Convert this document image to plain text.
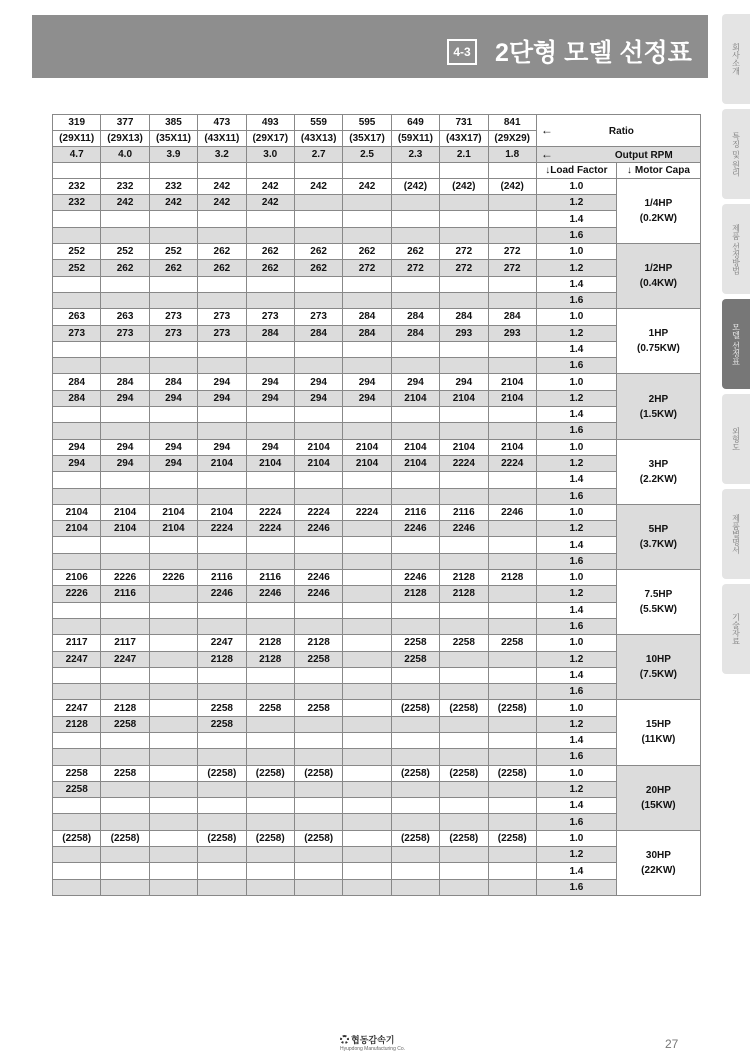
4-3 2단형 모델 선정표	회사소개
특징 및 원리
제품 선정방법
모델 선정표
외형도
제품별명서
기술자료
319	377	385	473	493	559	595	649	731	841	← Ratio	
(29X11)	(29X13)	(35X11)	(43X11)	(29X17)	(43X13)	(35X17)	(59X11)	(43X17)	(29X29)		
4.7	4.0	3.9	3.2	3.0	2.7	2.5	2.3	2.1	1.8	← Output RPM	
										↓Load Factor	↓ Motor Capa
232	232	232	242	242	242	242	(242)	(242)	(242)	1.0	1/4HP
(0.2KW)

232	242	242	242	242						1.2	
										1.4	
										1.6	
252	252	252	262	262	262	262	262	272	272	1.0	1/2HP
(0.4KW)

252	262	262	262	262	262	272	272	272	272	1.2	
										1.4	
										1.6	
263	263	273	273	273	273	284	284	284	284	1.0	1HP
(0.75KW)

273	273	273	273	284	284	284	284	293	293	1.2	
										1.4	
										1.6	
284	284	284	294	294	294	294	294	294	2104	1.0	2HP
(1.5KW)

284	294	294	294	294	294	294	2104	2104	2104	1.2	
										1.4	
										1.6	
294	294	294	294	294	2104	2104	2104	2104	2104	1.0	3HP
(2.2KW)

294	294	294	2104	2104	2104	2104	2104	2224	2224	1.2	
										1.4	
										1.6	
2104	2104	2104	2104	2224	2224	2224	2116	2116	2246	1.0	5HP
(3.7KW)

2104	2104	2104	2224	2224	2246		2246	2246		1.2	
										1.4	
										1.6	
2106	2226	2226	2116	2116	2246		2246	2128	2128	1.0	7.5HP
(5.5KW)

2226	2116		2246	2246	2246		2128	2128		1.2	
										1.4	
										1.6	
2117	2117		2247	2128	2128		2258	2258	2258	1.0	10HP
(7.5KW)

2247	2247		2128	2128	2258		2258			1.2	
										1.4	
										1.6	
2247	2128		2258	2258	2258		(2258)	(2258)	(2258)	1.0	15HP
(11KW)

2128	2258		2258							1.2	
										1.4	
										1.6	
2258	2258		(2258)	(2258)	(2258)		(2258)	(2258)	(2258)	1.0	20HP
(15KW)

2258										1.2	
										1.4	
										1.6	
(2258)	(2258)		(2258)	(2258)	(2258)		(2258)	(2258)	(2258)	1.0	30HP
(22KW)

										1.2	
										1.4	
										1.6	
협동감속기
Hyupdong Manufacturing Co.	27
